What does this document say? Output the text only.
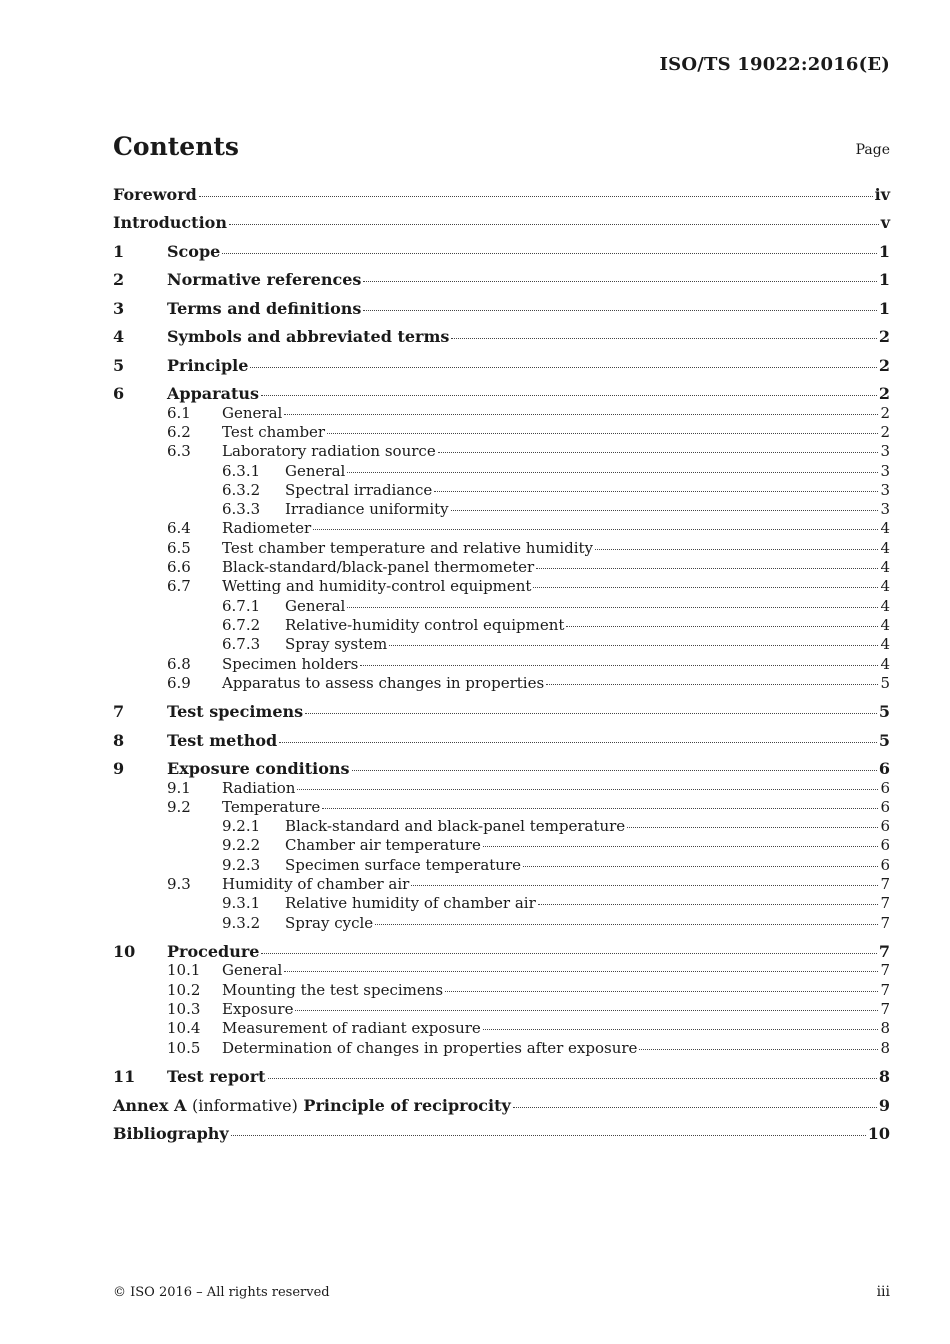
ISO/TS 19022:2016(E)
Contents	Page
Foreword	iv
Introduction	v
1	Scope	1
2	Normative references	1
3	Terms and definitions	1
4	Symbols and abbreviated terms	2
5	Principle	2
6	Apparatus	2
6.1	General	2
6.2	Test chamber	2
6.3	Laboratory radiation source	3
6.3.1	General	3
6.3.2	Spectral irradiance	3
6.3.3	Irradiance uniformity	3
6.4	Radiometer	4
6.5	Test chamber temperature and relative humidity	4
6.6	Black-standard/black-panel thermometer	4
6.7	Wetting and humidity-control equipment	4
6.7.1	General	4
6.7.2	Relative-humidity control equipment	4
6.7.3	Spray system	4
6.8	Specimen holders	4
6.9	Apparatus to assess changes in properties	5
7	Test specimens	5
8	Test method	5
9	Exposure conditions	6
9.1	Radiation	6
9.2	Temperature	6
9.2.1	Black-standard and black-panel temperature	6
9.2.2	Chamber air temperature	6
9.2.3	Specimen surface temperature	6
9.3	Humidity of chamber air	7
9.3.1	Relative humidity of chamber air	7
9.3.2	Spray cycle	7
10	Procedure	7
10.1	General	7
10.2	Mounting the test specimens	7
10.3	Exposure	7
10.4	Measurement of radiant exposure	8
10.5	Determination of changes in properties after exposure	8
11	Test report	8
Annex A (informative) Principle of reciprocity	9
Bibliography	10
© ISO 2016 – All rights reserved	iii
